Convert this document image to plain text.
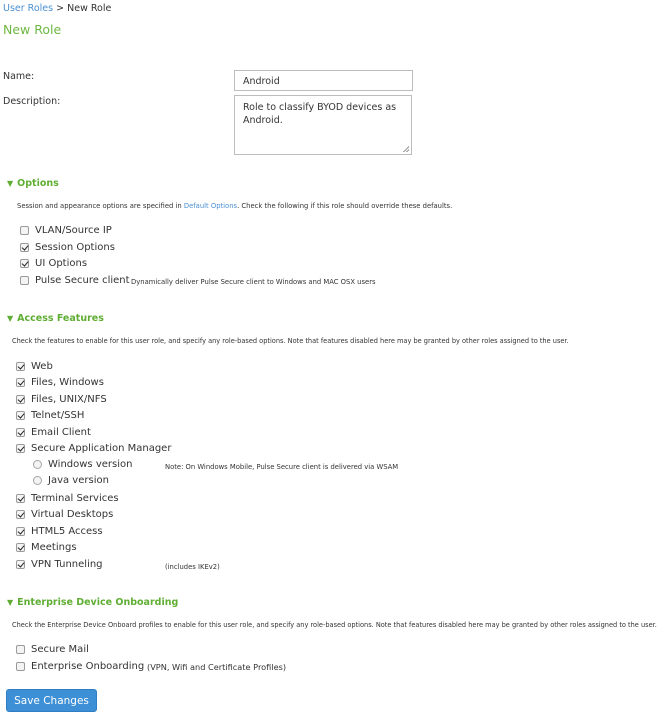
User Roles > New Role
New Role
Name:	Android
Description:
Role to classify BYOD devices as Android.
▼ Options
Session and appearance options are specified in Default Options. Check the following if this role should override these defaults.
VLAN/Source IP
Session Options
UI Options
Pulse Secure client Dynamically deliver Pulse Secure client to Windows and MAC OSX users
▼ Access Features
Check the features to enable for this user role, and specify any role-based options. Note that features disabled here may be granted by other roles assigned to the user.
Web
Files, Windows
Files, UNIX/NFS
Telnet/SSH
Email Client
Secure Application Manager
Windows version	Note: On Windows Mobile, Pulse Secure client is delivered via WSAM
Java version
Terminal Services
Virtual Desktops
HTML5 Access
Meetings
VPN Tunneling	(includes IKEv2)
▼ Enterprise Device Onboarding
Check the Enterprise Device Onboard profiles to enable for this user role, and specify any role-based options. Note that features disabled here may be granted by other roles assigned to the user.
Secure Mail
Enterprise Onboarding (VPN, Wifi and Certificate Profiles)
Save Changes
